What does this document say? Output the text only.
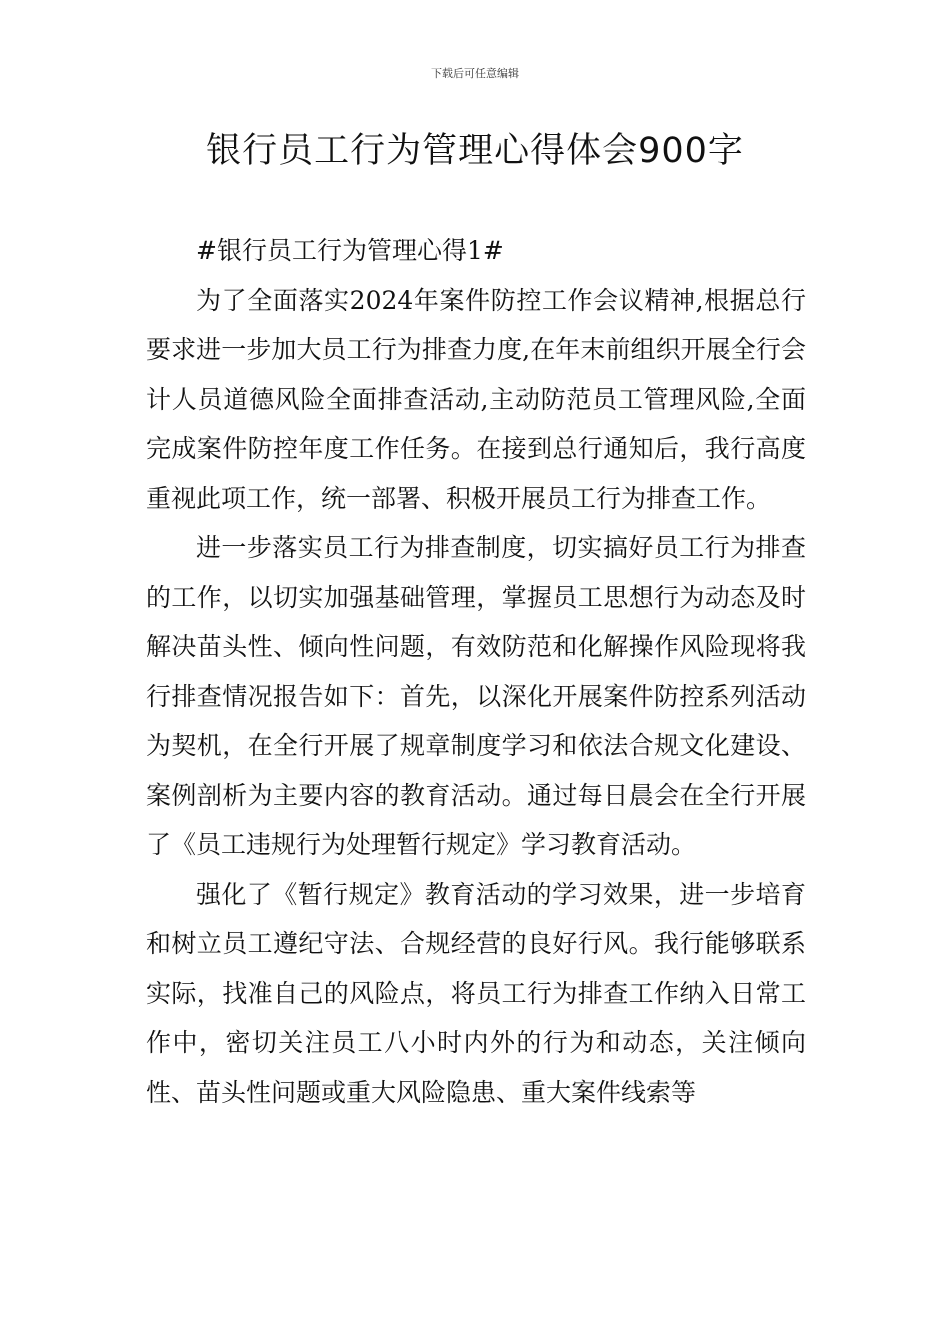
下载后可任意编辑
银行员工行为管理心得体会900字

#银行员工行为管理心得1#

为了全面落实2024年案件防控工作会议精神,根据总行要求进一步加大员工行为排查力度,在年末前组织开展全行会计人员道德风险全面排查活动,主动防范员工管理风险,全面完成案件防控年度工作任务。在接到总行通知后，我行高度重视此项工作，统一部署、积极开展员工行为排查工作。

进一步落实员工行为排查制度，切实搞好员工行为排查的工作，以切实加强基础管理，掌握员工思想行为动态及时解决苗头性、倾向性问题，有效防范和化解操作风险现将我行排查情况报告如下：首先，以深化开展案件防控系列活动为契机，在全行开展了规章制度学习和依法合规文化建设、案例剖析为主要内容的教育活动。通过每日晨会在全行开展了《员工违规行为处理暂行规定》学习教育活动。

强化了《暂行规定》教育活动的学习效果，进一步培育和树立员工遵纪守法、合规经营的良好行风。我行能够联系实际，找准自己的风险点，将员工行为排查工作纳入日常工作中，密切关注员工八小时内外的行为和动态，关注倾向性、苗头性问题或重大风险隐患、重大案件线索等
